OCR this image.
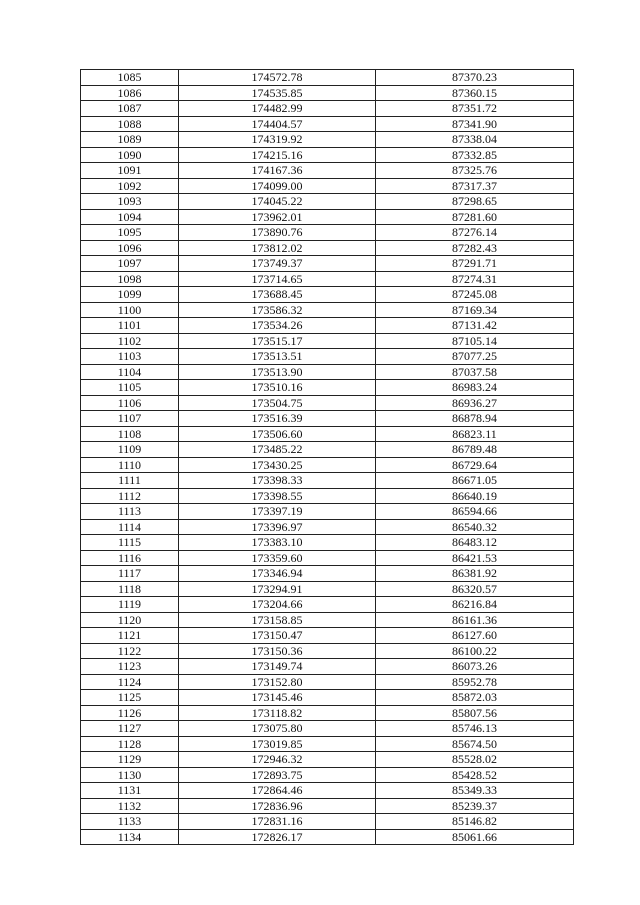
1085	174572.78	87370.23
1086	174535.85	87360.15
1087	174482.99	87351.72
1088	174404.57	87341.90
1089	174319.92	87338.04
1090	174215.16	87332.85
1091	174167.36	87325.76
1092	174099.00	87317.37
1093	174045.22	87298.65
1094	173962.01	87281.60
1095	173890.76	87276.14
1096	173812.02	87282.43
1097	173749.37	87291.71
1098	173714.65	87274.31
1099	173688.45	87245.08
1100	173586.32	87169.34
1101	173534.26	87131.42
1102	173515.17	87105.14
1103	173513.51	87077.25
1104	173513.90	87037.58
1105	173510.16	86983.24
1106	173504.75	86936.27
1107	173516.39	86878.94
1108	173506.60	86823.11
1109	173485.22	86789.48
1110	173430.25	86729.64
1111	173398.33	86671.05
1112	173398.55	86640.19
1113	173397.19	86594.66
1114	173396.97	86540.32
1115	173383.10	86483.12
1116	173359.60	86421.53
1117	173346.94	86381.92
1118	173294.91	86320.57
1119	173204.66	86216.84
1120	173158.85	86161.36
1121	173150.47	86127.60
1122	173150.36	86100.22
1123	173149.74	86073.26
1124	173152.80	85952.78
1125	173145.46	85872.03
1126	173118.82	85807.56
1127	173075.80	85746.13
1128	173019.85	85674.50
1129	172946.32	85528.02
1130	172893.75	85428.52
1131	172864.46	85349.33
1132	172836.96	85239.37
1133	172831.16	85146.82
1134	172826.17	85061.66
